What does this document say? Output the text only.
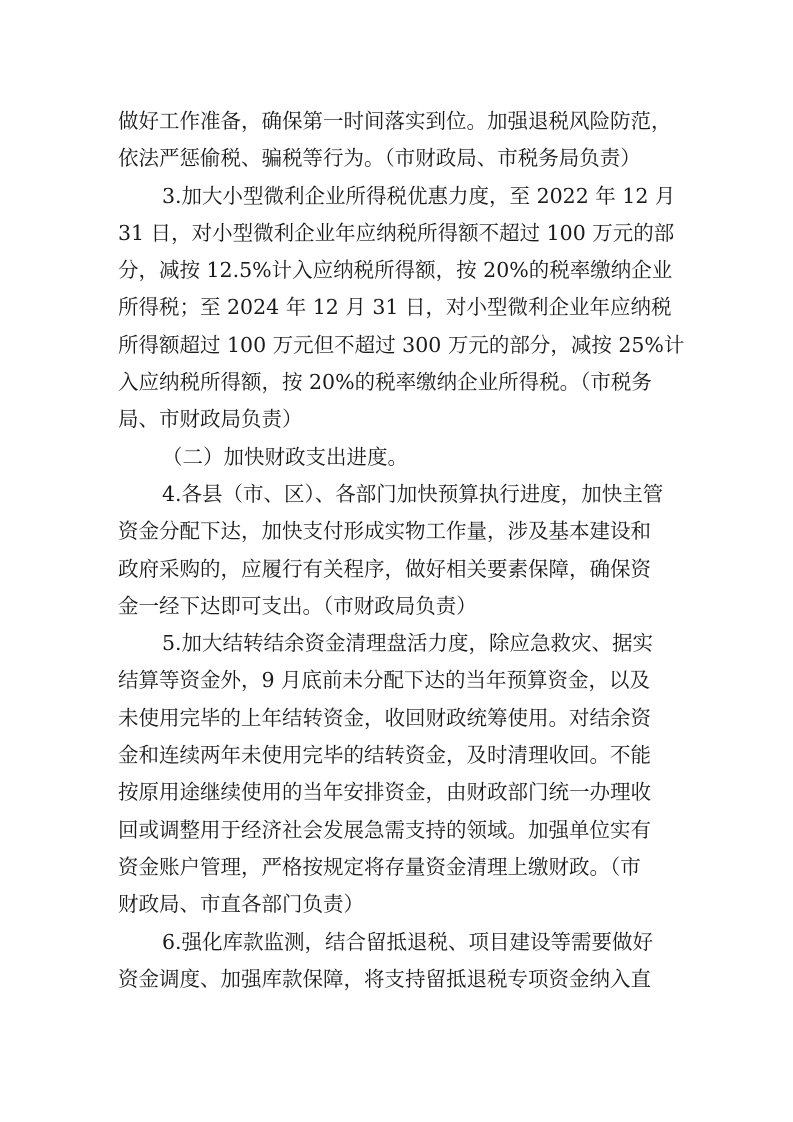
做好工作准备，确保第一时间落实到位。加强退税风险防范，
依法严惩偷税、骗税等行为。（市财政局、市税务局负责）
3.加大小型微利企业所得税优惠力度，至 2022 年 12 月
31 日，对小型微利企业年应纳税所得额不超过 100 万元的部
分，减按 12.5%计入应纳税所得额，按 20%的税率缴纳企业
所得税；至 2024 年 12 月 31 日，对小型微利企业年应纳税
所得额超过 100 万元但不超过 300 万元的部分，减按 25%计
入应纳税所得额，按 20%的税率缴纳企业所得税。（市税务
局、市财政局负责）
（二）加快财政支出进度。
4.各县（市、区）、各部门加快预算执行进度，加快主管
资金分配下达，加快支付形成实物工作量，涉及基本建设和
政府采购的，应履行有关程序，做好相关要素保障，确保资
金一经下达即可支出。（市财政局负责）
5.加大结转结余资金清理盘活力度，除应急救灾、据实
结算等资金外，9 月底前未分配下达的当年预算资金，以及
未使用完毕的上年结转资金，收回财政统筹使用。对结余资
金和连续两年未使用完毕的结转资金，及时清理收回。不能
按原用途继续使用的当年安排资金，由财政部门统一办理收
回或调整用于经济社会发展急需支持的领域。加强单位实有
资金账户管理，严格按规定将存量资金清理上缴财政。（市
财政局、市直各部门负责）
6.强化库款监测，结合留抵退税、项目建设等需要做好
资金调度、加强库款保障，将支持留抵退税专项资金纳入直
